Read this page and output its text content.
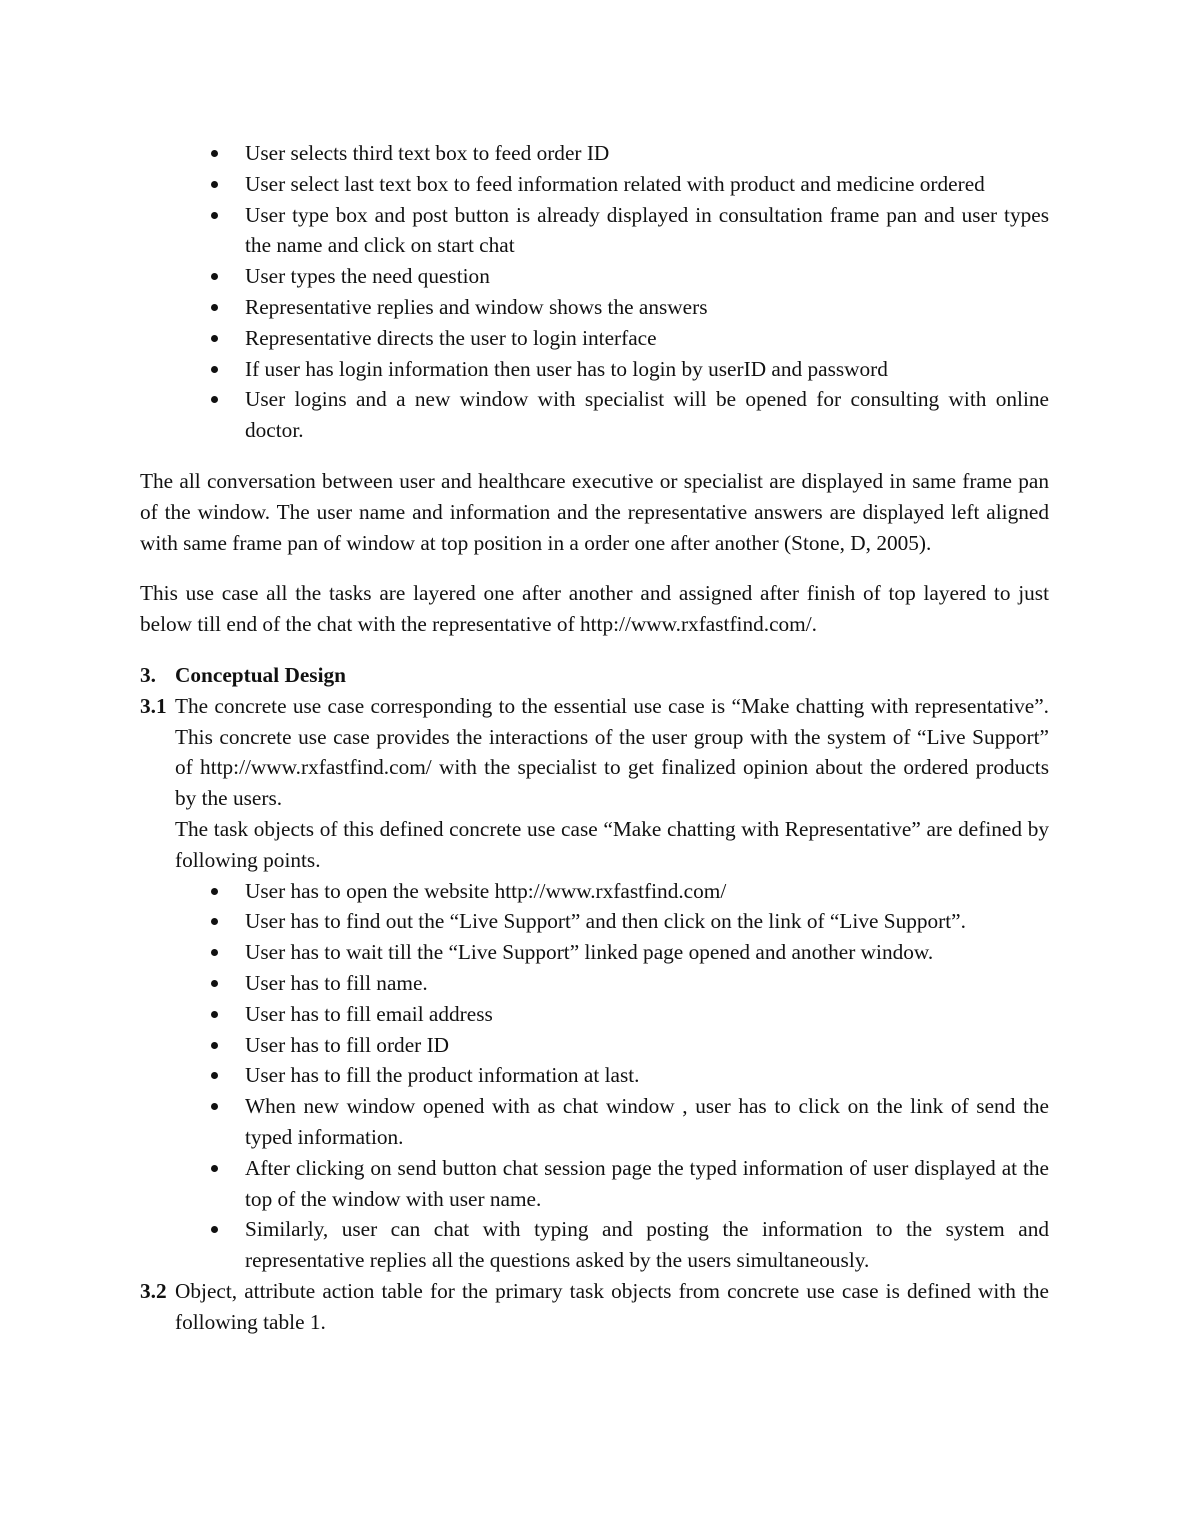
User selects third text box to feed order ID
User select last text box to feed information related with product and medicine ordered
User type box and post button is already displayed in consultation frame pan and user types the name and click on start chat
User types the need question
Representative replies and window shows the answers
Representative directs the user to login interface
If user has login information then user has to login by userID and password
User logins and a new window with specialist will be opened for consulting with online doctor.

The all conversation between user and healthcare executive or specialist are displayed in same frame pan of the window. The user name and information and the representative answers are displayed left aligned with same frame pan of window at top position in a order one after another (Stone, D, 2005).

This use case all the tasks are layered one after another and assigned after finish of top layered to just below till end of the chat with the representative of http://www.rxfastfind.com/.

3. Conceptual Design
3.1 The concrete use case corresponding to the essential use case is “Make chatting with representative”. This concrete use case provides the interactions of the user group with the system of “Live Support” of http://www.rxfastfind.com/ with the specialist to get finalized opinion about the ordered products by the users.

The task objects of this defined concrete use case “Make chatting with Representative” are defined by following points.

User has to open the website http://www.rxfastfind.com/
User has to find out the “Live Support” and then click on the link of “Live Support”.
User has to wait till the “Live Support” linked page opened and another window.
User has to fill name.
User has to fill email address
User has to fill order ID
User has to fill the product information at last.
When new window opened with as chat window , user has to click on the link of send the typed information.
After clicking on send button chat session page the typed information of user displayed at the top of the window with user name.
Similarly, user can chat with typing and posting the information to the system and representative replies all the questions asked by the users simultaneously.
3.2 Object, attribute action table for the primary task objects from concrete use case is defined with the following table 1.
